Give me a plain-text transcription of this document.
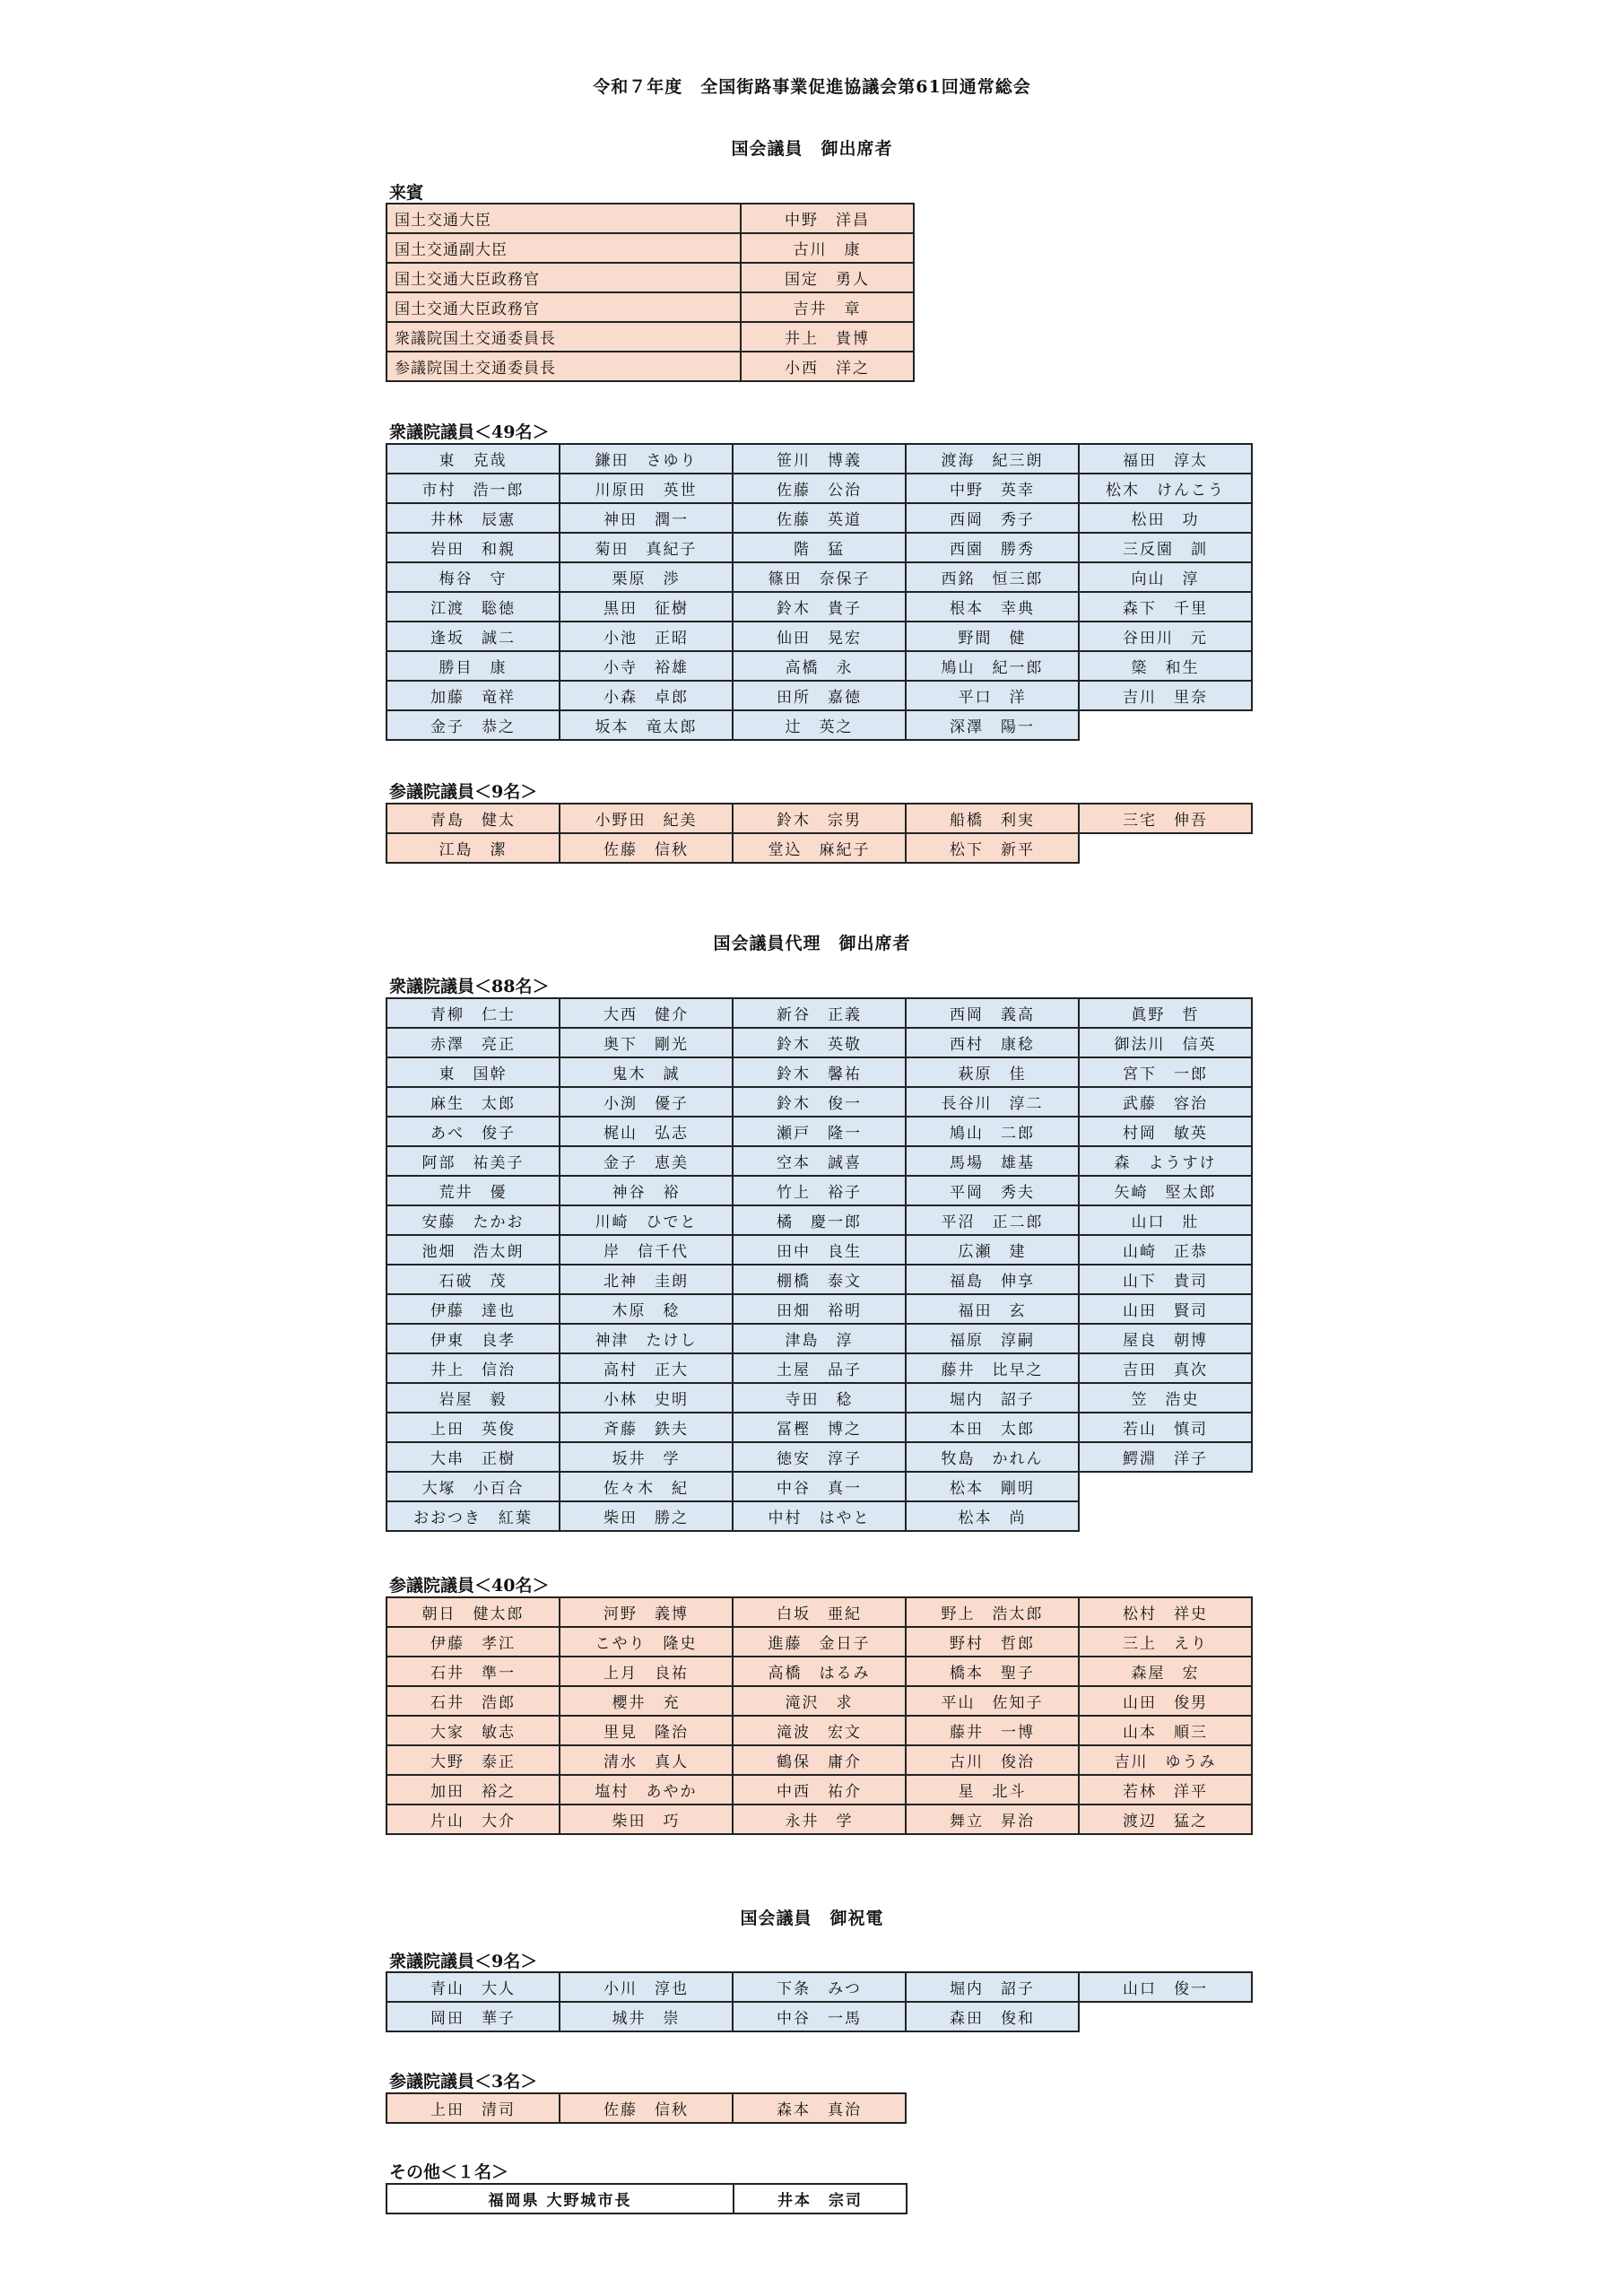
令和７年度　全国街路事業促進協議会第61回通常総会
国会議員　御出席者
来賓
国土交通大臣	中野　洋昌
国土交通副大臣	古川　康
国土交通大臣政務官	国定　勇人
国土交通大臣政務官	吉井　章
衆議院国土交通委員長	井上　貴博
参議院国土交通委員長	小西　洋之
衆議院議員＜49名＞
東　克哉	鎌田　さゆり	笹川　博義	渡海　紀三朗	福田　淳太
市村　浩一郎	川原田　英世	佐藤　公治	中野　英幸	松木　けんこう
井林　辰憲	神田　潤一	佐藤　英道	西岡　秀子	松田　功
岩田　和親	菊田　真紀子	階　猛	西園　勝秀	三反園　訓
梅谷　守	栗原　渉	篠田　奈保子	西銘　恒三郎	向山　淳
江渡　聡徳	黒田　征樹	鈴木　貴子	根本　幸典	森下　千里
逢坂　誠二	小池　正昭	仙田　晃宏	野間　健	谷田川　元
勝目　康	小寺　裕雄	高橋　永	鳩山　紀一郎	簗　和生
加藤　竜祥	小森　卓郎	田所　嘉徳	平口　洋	吉川　里奈
金子　恭之	坂本　竜太郎	辻　英之	深澤　陽一	
参議院議員＜9名＞
青島　健太	小野田　紀美	鈴木　宗男	船橋　利実	三宅　伸吾
江島　潔	佐藤　信秋	堂込　麻紀子	松下　新平	
国会議員代理　御出席者
衆議院議員＜88名＞
青柳　仁士	大西　健介	新谷　正義	西岡　義高	眞野　哲
赤澤　亮正	奥下　剛光	鈴木　英敬	西村　康稔	御法川　信英
東　国幹	鬼木　誠	鈴木　馨祐	萩原　佳	宮下　一郎
麻生　太郎	小渕　優子	鈴木　俊一	長谷川　淳二	武藤　容治
あべ　俊子	梶山　弘志	瀬戸　隆一	鳩山　二郎	村岡　敏英
阿部　祐美子	金子　恵美	空本　誠喜	馬場　雄基	森　ようすけ
荒井　優	神谷　裕	竹上　裕子	平岡　秀夫	矢崎　堅太郎
安藤　たかお	川崎　ひでと	橘　慶一郎	平沼　正二郎	山口　壯
池畑　浩太朗	岸　信千代	田中　良生	広瀬　建	山崎　正恭
石破　茂	北神　圭朗	棚橋　泰文	福島　伸享	山下　貴司
伊藤　達也	木原　稔	田畑　裕明	福田　玄	山田　賢司
伊東　良孝	神津　たけし	津島　淳	福原　淳嗣	屋良　朝博
井上　信治	高村　正大	土屋　品子	藤井　比早之	吉田　真次
岩屋　毅	小林　史明	寺田　稔	堀内　詔子	笠　浩史
上田　英俊	斉藤　鉄夫	冨樫　博之	本田　太郎	若山　慎司
大串　正樹	坂井　学	徳安　淳子	牧島　かれん	鰐淵　洋子
大塚　小百合	佐々木　紀	中谷　真一	松本　剛明	
おおつき　紅葉	柴田　勝之	中村　はやと	松本　尚	
参議院議員＜40名＞
朝日　健太郎	河野　義博	白坂　亜紀	野上　浩太郎	松村　祥史
伊藤　孝江	こやり　隆史	進藤　金日子	野村　哲郎	三上　えり
石井　準一	上月　良祐	高橋　はるみ	橋本　聖子	森屋　宏
石井　浩郎	櫻井　充	滝沢　求	平山　佐知子	山田　俊男
大家　敏志	里見　隆治	滝波　宏文	藤井　一博	山本　順三
大野　泰正	清水　真人	鶴保　庸介	古川　俊治	吉川　ゆうみ
加田　裕之	塩村　あやか	中西　祐介	星　北斗	若林　洋平
片山　大介	柴田　巧	永井　学	舞立　昇治	渡辺　猛之
国会議員　御祝電
衆議院議員＜9名＞
青山　大人	小川　淳也	下条　みつ	堀内　詔子	山口　俊一
岡田　華子	城井　崇	中谷　一馬	森田　俊和	
参議院議員＜3名＞
上田　清司	佐藤　信秋	森本　真治
その他＜１名＞
福岡県 大野城市長	井本　宗司
